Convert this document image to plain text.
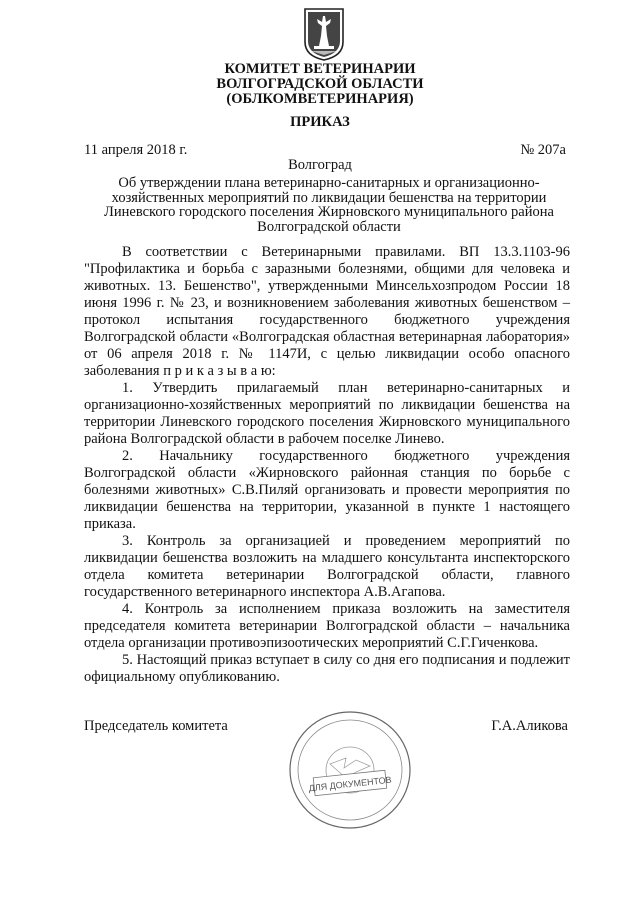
КОМИТЕТ ВЕТЕРИНАРИИ
ВОЛГОГРАДСКОЙ ОБЛАСТИ
(ОБЛКОМВЕТЕРИНАРИЯ)
ПРИКАЗ
11 апреля 2018 г.	№ 207а
Волгоград
Об утверждении плана ветеринарно-санитарных и организационно-
хозяйственных мероприятий по ликвидации бешенства на территории
Линевского городского поселения Жирновского муниципального района
Волгоградской области

В соответствии с Ветеринарными правилами. ВП 13.3.1103-96 "Профилактика и борьба с заразными болезнями, общими для человека и животных. 13. Бешенство", утвержденными Минсельхозпродом России 18 июня 1996 г. № 23, и возникновением заболевания животных бешенством – протокол испытания государственного бюджетного учреждения Волгоградской области «Волгоградская областная ветеринарная лаборатория» от 06 апреля 2018 г. № 1147И, с целью ликвидации особо опасного заболевания п р и к а з ы в а ю:

1. Утвердить прилагаемый план ветеринарно-санитарных и организационно-хозяйственных мероприятий по ликвидации бешенства на территории Линевского городского поселения Жирновского муниципального района Волгоградской области в рабочем поселке Линево.

2. Начальнику государственного бюджетного учреждения Волгоградской области «Жирновского районная станция по борьбе с болезнями животных» С.В.Пиляй организовать и провести мероприятия по ликвидации бешенства на территории, указанной в пункте 1 настоящего приказа.

3. Контроль за организацией и проведением мероприятий по ликвидации бешенства возложить на младшего консультанта инспекторского отдела комитета ветеринарии Волгоградской области, главного государственного ветеринарного инспектора А.В.Агапова.

4. Контроль за исполнением приказа возложить на заместителя председателя комитета ветеринарии Волгоградской области – начальника отдела организации противоэпизоотических мероприятий С.Г.Гиченкова.

5. Настоящий приказ вступает в силу со дня его подписания и подлежит официальному опубликованию.

ДЛЯ ДОКУМЕНТОВ
Председатель комитета	Г.А.Аликова
